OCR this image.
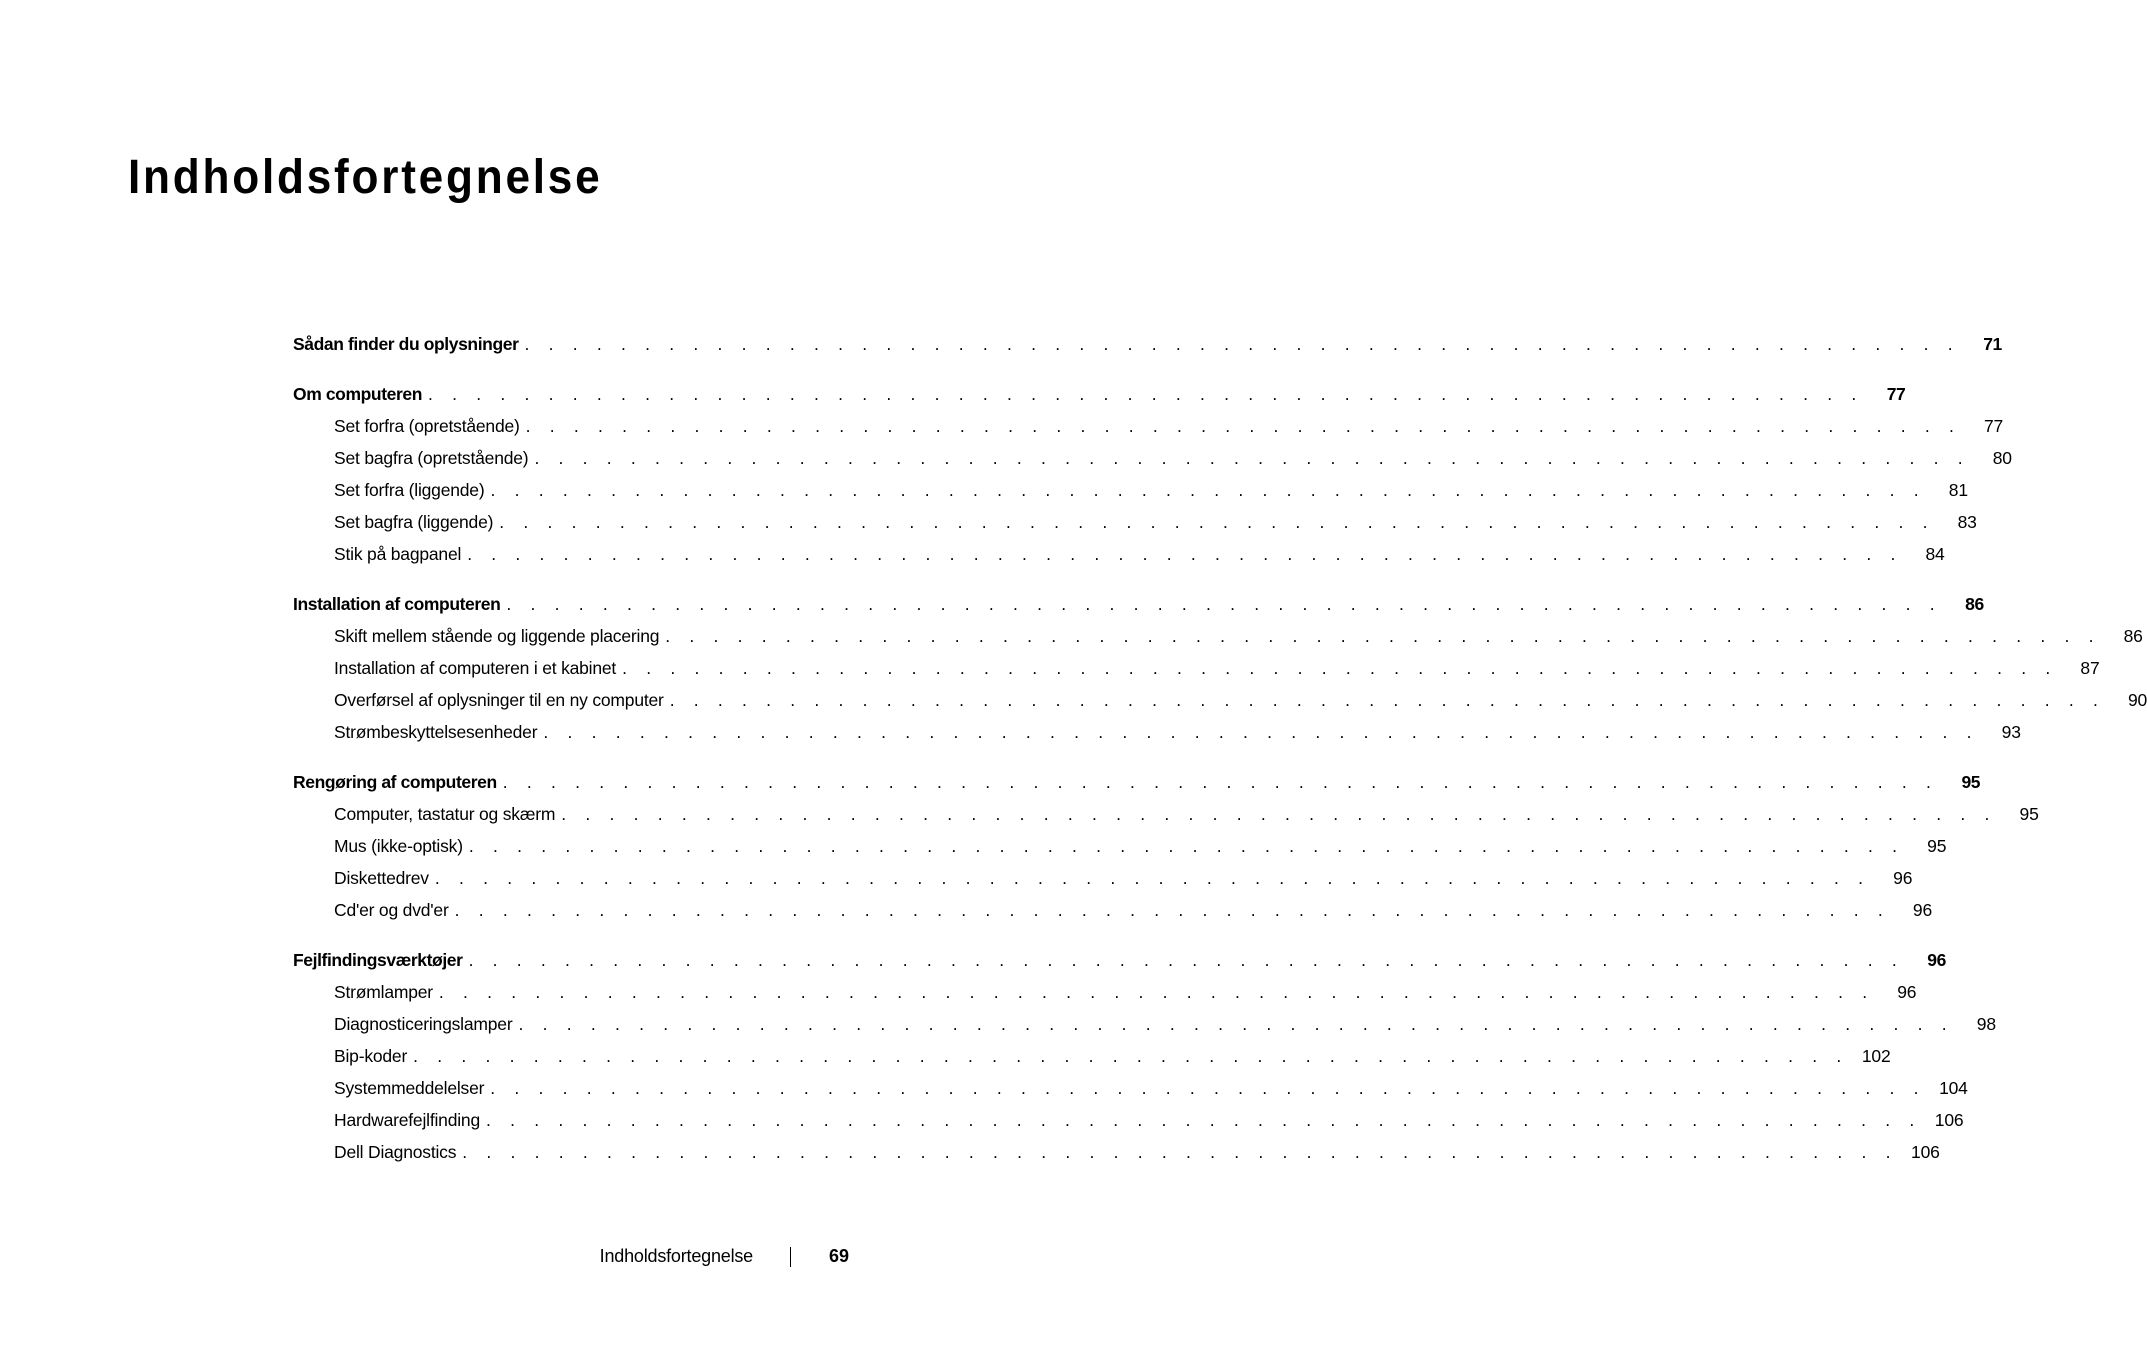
Indholdsfortegnelse
Sådan finder du oplysninger . . . . . . . . . . . . . . . . . . . . . . . . . . . . . . . . . . . . . . . . . . . . . . . . . . . . . . . . . . . .	71
Om computeren . . . . . . . . . . . . . . . . . . . . . . . . . . . . . . . . . . . . . . . . . . . . . . . . . . . . . . . . . . . .	77
Set forfra (opretstående) . . . . . . . . . . . . . . . . . . . . . . . . . . . . . . . . . . . . . . . . . . . . . . . . . . . . . . . . . . . .	77
Set bagfra (opretstående) . . . . . . . . . . . . . . . . . . . . . . . . . . . . . . . . . . . . . . . . . . . . . . . . . . . . . . . . . . . .	80
Set forfra (liggende) . . . . . . . . . . . . . . . . . . . . . . . . . . . . . . . . . . . . . . . . . . . . . . . . . . . . . . . . . . . .	81
Set bagfra (liggende) . . . . . . . . . . . . . . . . . . . . . . . . . . . . . . . . . . . . . . . . . . . . . . . . . . . . . . . . . . . .	83
Stik på bagpanel . . . . . . . . . . . . . . . . . . . . . . . . . . . . . . . . . . . . . . . . . . . . . . . . . . . . . . . . . . . .	84
Installation af computeren . . . . . . . . . . . . . . . . . . . . . . . . . . . . . . . . . . . . . . . . . . . . . . . . . . . . . . . . . . . .	86
Skift mellem stående og liggende placering . . . . . . . . . . . . . . . . . . . . . . . . . . . . . . . . . . . . . . . . . . . . . . . . . . . . . . . . . . . .	86
Installation af computeren i et kabinet . . . . . . . . . . . . . . . . . . . . . . . . . . . . . . . . . . . . . . . . . . . . . . . . . . . . . . . . . . . .	87
Overførsel af oplysninger til en ny computer . . . . . . . . . . . . . . . . . . . . . . . . . . . . . . . . . . . . . . . . . . . . . . . . . . . . . . . . . . . .	90
Strømbeskyttelsesenheder . . . . . . . . . . . . . . . . . . . . . . . . . . . . . . . . . . . . . . . . . . . . . . . . . . . . . . . . . . . .	93
Rengøring af computeren . . . . . . . . . . . . . . . . . . . . . . . . . . . . . . . . . . . . . . . . . . . . . . . . . . . . . . . . . . . .	95
Computer, tastatur og skærm . . . . . . . . . . . . . . . . . . . . . . . . . . . . . . . . . . . . . . . . . . . . . . . . . . . . . . . . . . . .	95
Mus (ikke-optisk) . . . . . . . . . . . . . . . . . . . . . . . . . . . . . . . . . . . . . . . . . . . . . . . . . . . . . . . . . . . .	95
Diskettedrev . . . . . . . . . . . . . . . . . . . . . . . . . . . . . . . . . . . . . . . . . . . . . . . . . . . . . . . . . . . .	96
Cd'er og dvd'er . . . . . . . . . . . . . . . . . . . . . . . . . . . . . . . . . . . . . . . . . . . . . . . . . . . . . . . . . . . .	96
Fejlfindingsværktøjer . . . . . . . . . . . . . . . . . . . . . . . . . . . . . . . . . . . . . . . . . . . . . . . . . . . . . . . . . . . .	96
Strømlamper . . . . . . . . . . . . . . . . . . . . . . . . . . . . . . . . . . . . . . . . . . . . . . . . . . . . . . . . . . . .	96
Diagnosticeringslamper . . . . . . . . . . . . . . . . . . . . . . . . . . . . . . . . . . . . . . . . . . . . . . . . . . . . . . . . . . . .	98
Bip-koder . . . . . . . . . . . . . . . . . . . . . . . . . . . . . . . . . . . . . . . . . . . . . . . . . . . . . . . . . . . . 102
Systemmeddelelser . . . . . . . . . . . . . . . . . . . . . . . . . . . . . . . . . . . . . . . . . . . . . . . . . . . . . . . . . . . . 104
Hardwarefejlfinding . . . . . . . . . . . . . . . . . . . . . . . . . . . . . . . . . . . . . . . . . . . . . . . . . . . . . . . . . . . . 106
Dell Diagnostics . . . . . . . . . . . . . . . . . . . . . . . . . . . . . . . . . . . . . . . . . . . . . . . . . . . . . . . . . . . . 106
Indholdsfortegnelse	69
